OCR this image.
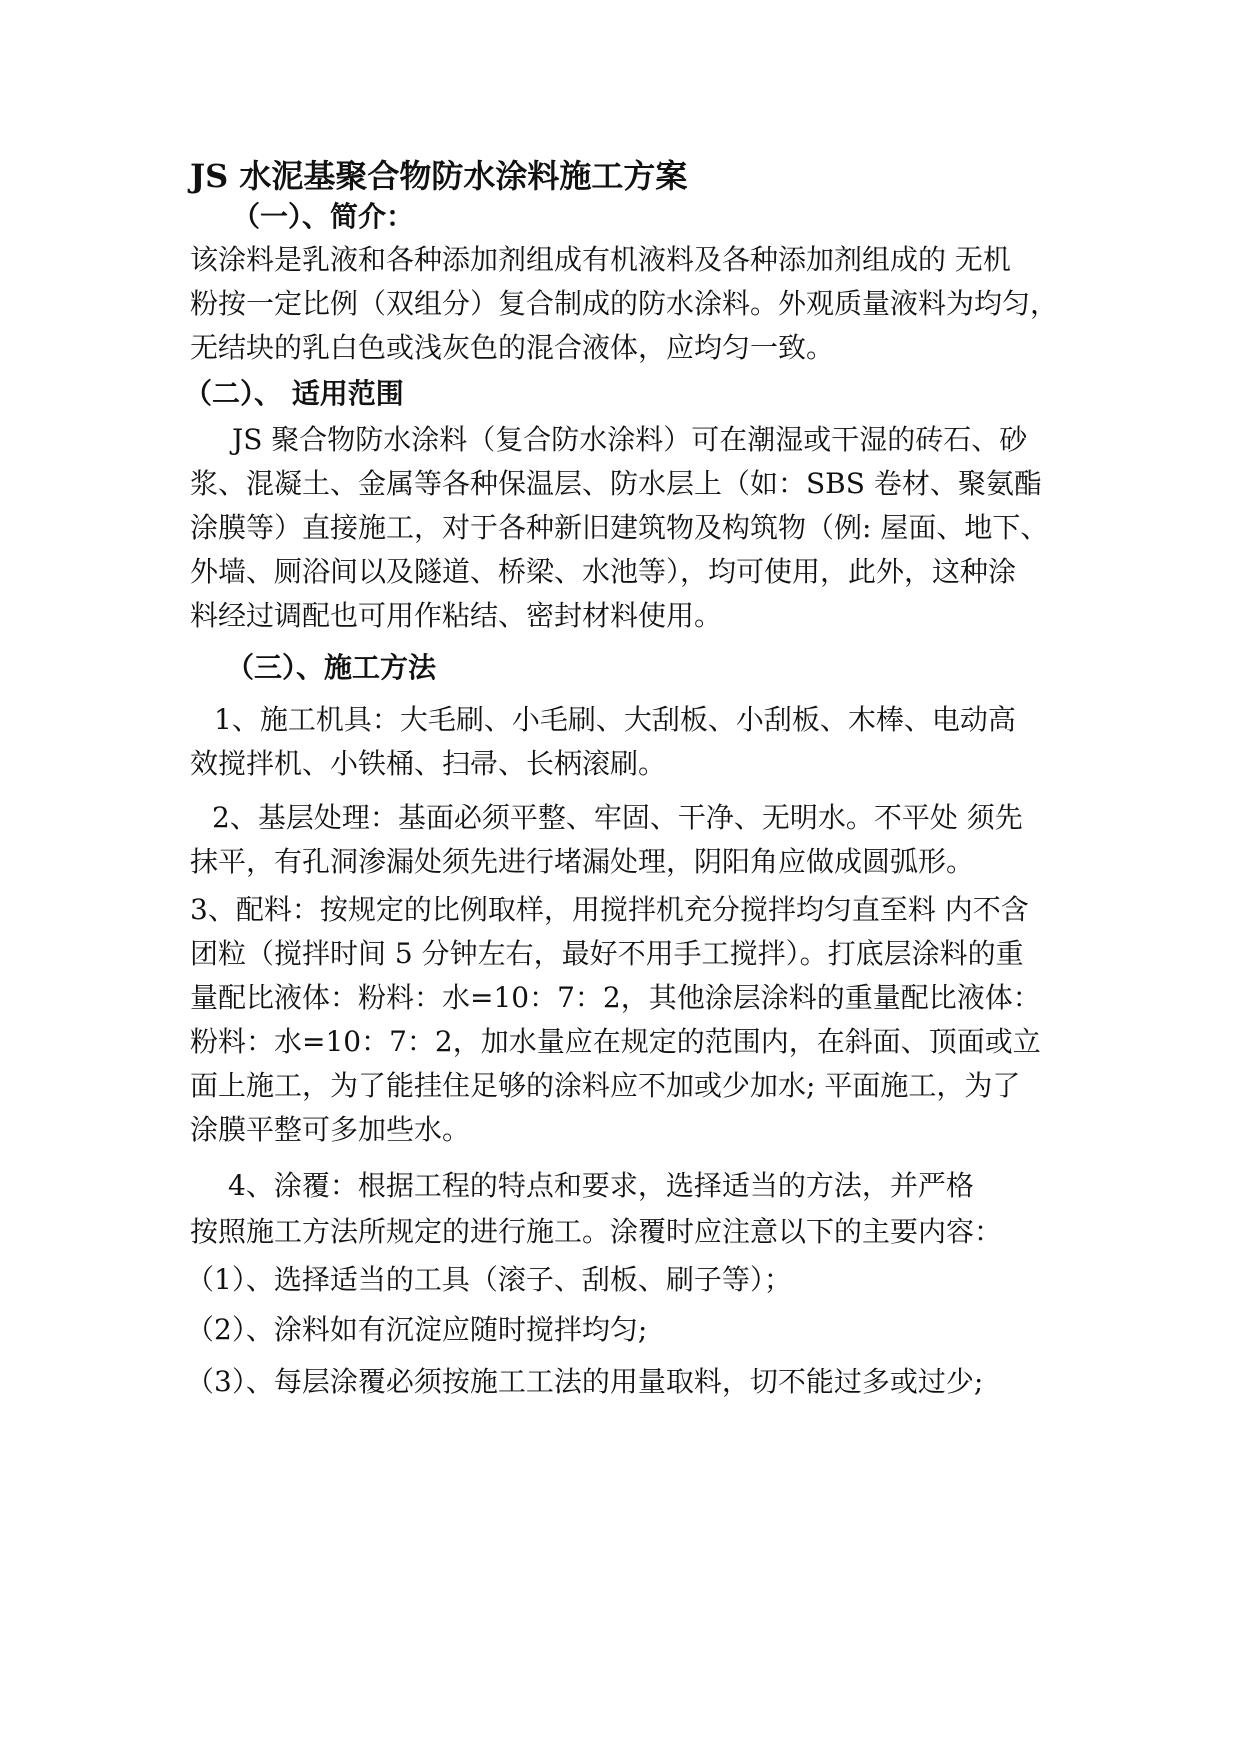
JS 水泥基聚合物防水涂料施工方案
（一）、简介：
该涂料是乳液和各种添加剂组成有机液料及各种添加剂组成的 无机
粉按一定比例（双组分）复合制成的防水涂料。外观质量液料为均匀，
无结块的乳白色或浅灰色的混合液体，应均匀一致。
（二）、 适用范围
JS 聚合物防水涂料（复合防水涂料）可在潮湿或干湿的砖石、砂
浆、混凝土、金属等各种保温层、防水层上（如：SBS 卷材、聚氨酯
涂膜等）直接施工，对于各种新旧建筑物及构筑物（例: 屋面、地下、
外墙、厕浴间以及隧道、桥梁、水池等），均可使用，此外，这种涂
料经过调配也可用作粘结、密封材料使用。
（三）、施工方法
1、施工机具：大毛刷、小毛刷、大刮板、小刮板、木棒、电动高
效搅拌机、小铁桶、扫帚、长柄滚刷。
2、基层处理：基面必须平整、牢固、干净、无明水。不平处 须先
抹平，有孔洞渗漏处须先进行堵漏处理，阴阳角应做成圆弧形。
3、配料：按规定的比例取样，用搅拌机充分搅拌均匀直至料 内不含
团粒（搅拌时间 5 分钟左右，最好不用手工搅拌）。打底层涂料的重
量配比液体：粉料：水=10：7：2，其他涂层涂料的重量配比液体：
粉料：水=10：7：2，加水量应在规定的范围内，在斜面、顶面或立
面上施工，为了能挂住足够的涂料应不加或少加水; 平面施工，为了
涂膜平整可多加些水。
4、涂覆：根据工程的特点和要求，选择适当的方法，并严格
按照施工方法所规定的进行施工。涂覆时应注意以下的主要内容：
（1）、选择适当的工具（滚子、刮板、刷子等）；
（2）、涂料如有沉淀应随时搅拌均匀;
（3）、每层涂覆必须按施工工法的用量取料，切不能过多或过少;
